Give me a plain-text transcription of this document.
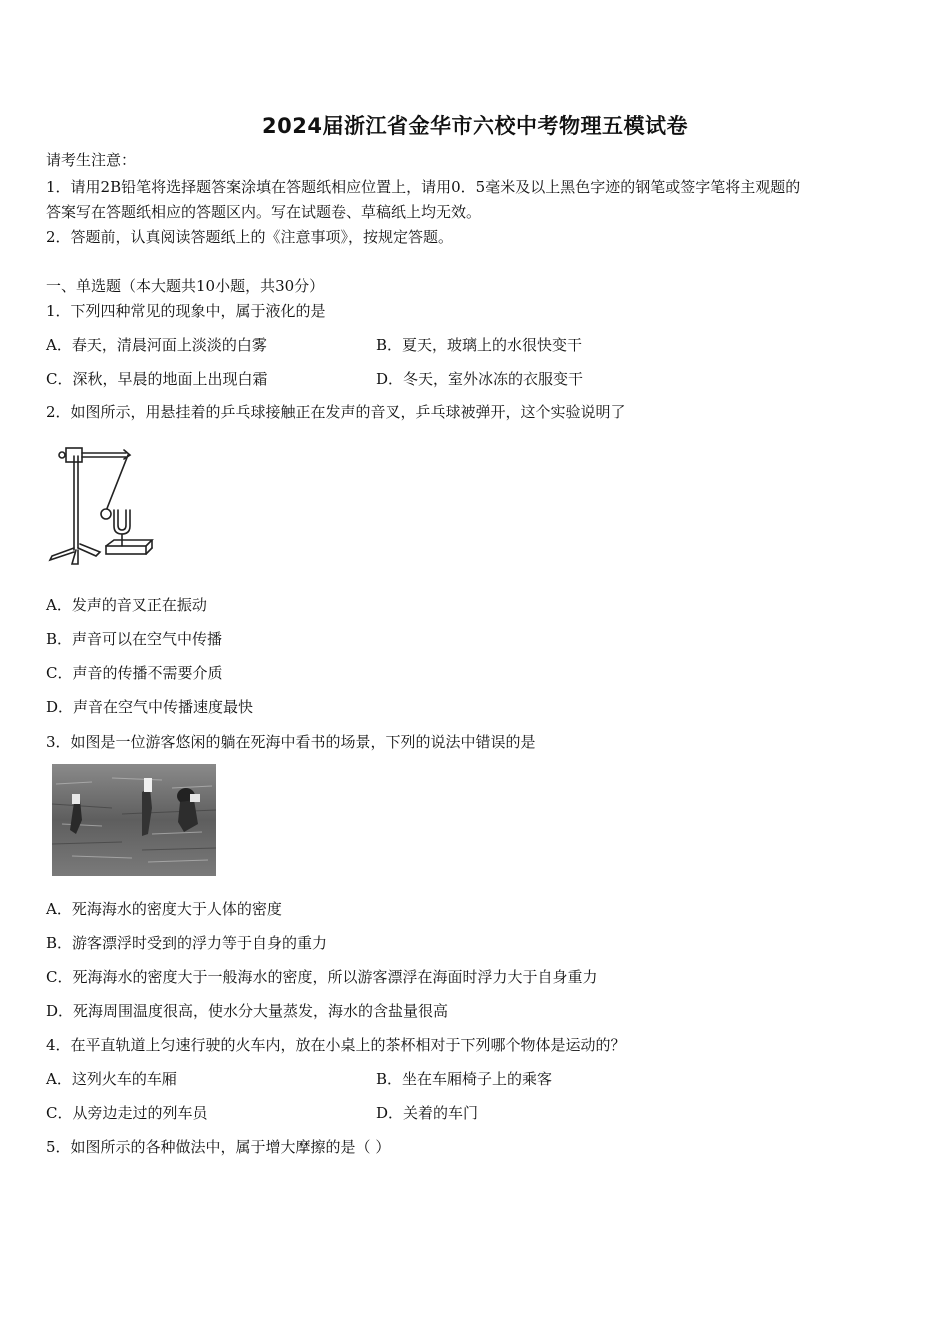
2024届浙江省金华市六校中考物理五模试卷
请考生注意：
1．请用2B铅笔将选择题答案涂填在答题纸相应位置上，请用0．5毫米及以上黑色字迹的钢笔或签字笔将主观题的
答案写在答题纸相应的答题区内。写在试题卷、草稿纸上均无效。
2．答题前，认真阅读答题纸上的《注意事项》，按规定答题。
一、单选题（本大题共10小题，共30分）
1．下列四种常见的现象中，属于液化的是
A．春天，清晨河面上淡淡的白雾	B．夏天，玻璃上的水很快变干
C．深秋，早晨的地面上出现白霜	D．冬天，室外冰冻的衣服变干
2．如图所示，用悬挂着的乒乓球接触正在发声的音叉，乒乓球被弹开，这个实验说明了
A．发声的音叉正在振动
B．声音可以在空气中传播
C．声音的传播不需要介质
D．声音在空气中传播速度最快
3．如图是一位游客悠闲的躺在死海中看书的场景，下列的说法中错误的是
A．死海海水的密度大于人体的密度
B．游客漂浮时受到的浮力等于自身的重力
C．死海海水的密度大于一般海水的密度，所以游客漂浮在海面时浮力大于自身重力
D．死海周围温度很高，使水分大量蒸发，海水的含盐量很高
4．在平直轨道上匀速行驶的火车内，放在小桌上的茶杯相对于下列哪个物体是运动的？
A．这列火车的车厢	B．坐在车厢椅子上的乘客
C．从旁边走过的列车员	D．关着的车门
5．如图所示的各种做法中，属于增大摩擦的是（ ）
